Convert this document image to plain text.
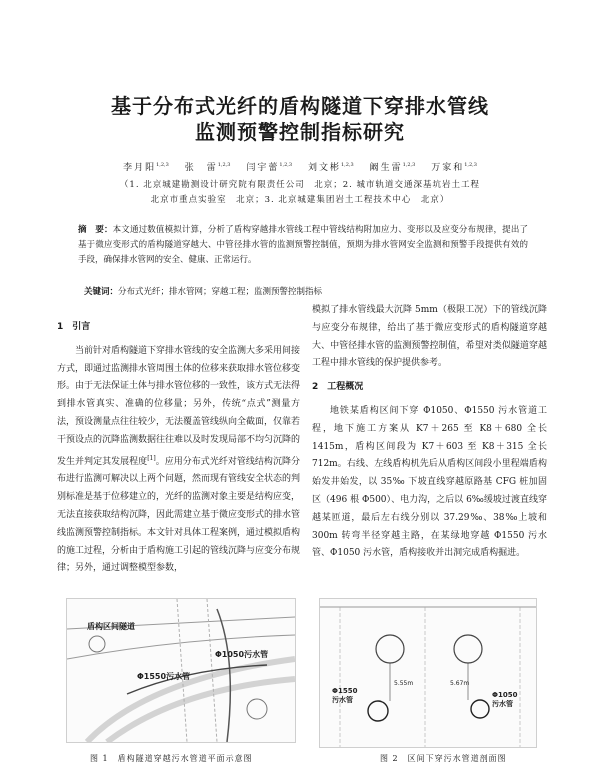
基于分布式光纤的盾构隧道下穿排水管线
监测预警控制指标研究
李月阳$^{1,2,3}$　 张　雷$^{1,2,3}$　 闫宇蕾$^{1,2,3}$　 刘文彬$^{1,2,3}$　 阚生雷$^{1,2,3}$　 万家和$^{1,2,3}$
（1. 北京城建勘测设计研究院有限责任公司　北京；2. 城市轨道交通深基坑岩土工程
北京市重点实验室　北京；3. 北京城建集团岩土工程技术中心　北京）
摘　要：本文通过数值模拟计算，分析了盾构穿越排水管线工程中管线结构附加应力、变形以及应变分布规律，提出了基于微应变形式的盾构隧道穿越大、中管径排水管的监测预警控制值，预期为排水管网安全监测和预警手段提供有效的手段，确保排水管网的安全、健康、正常运行。
关键词：分布式光纤；排水管网；穿越工程；监测预警控制指标
1　引言

当前针对盾构隧道下穿排水管线的安全监测大多采用间接方式，即通过监测排水管周围土体的位移来获取排水管位移变形。由于无法保证土体与排水管位移的一致性，该方式无法得到排水管真实、准确的位移量；另外，传统“点式”测量方法，预设测量点往往较少，无法覆盖管线纵向全截面，仅靠若干预设点的沉降监测数据往往难以及时发现局部不均匀沉降的发生并判定其发展程度[1]。应用分布式光纤对管线结构沉降分布进行监测可解决以上两个问题，然而现有管线安全状态的判别标准是基于位移建立的，光纤的监测对象主要是结构应变，无法直接获取结构沉降，因此需建立基于微应变形式的排水管线监测预警控制指标。本文针对具体工程案例，通过模拟盾构的施工过程，分析由于盾构施工引起的管线沉降与应变分布规律；另外，通过调整模型参数，

模拟了排水管线最大沉降 5mm（极限工况）下的管线沉降与应变分布规律，给出了基于微应变形式的盾构隧道穿越大、中管径排水管的监测预警控制值，希望对类似隧道穿越工程中排水管线的保护提供参考。

2　工程概况

地铁某盾构区间下穿 Φ1050、Φ1550 污水管道工程，地下施工方案从 K7＋265 至 K8＋680 全长 1415m，盾构区间段为 K7＋603 至 K8＋315 全长 712m。右线、左线盾构机先后从盾构区间段小里程端盾构始发井始发，以 35‰ 下坡直线穿越原路基 CFG 桩加固区（496 根 Φ500）、电力沟，之后以 6‰缓坡过渡直线穿越某匝道，最后左右线分别以 37.29‰、38‰上坡和 300m 转弯半径穿越主路，在某绿地穿越 Φ1550 污水管、Φ1050 污水管，盾构接收并出洞完成盾构掘进。

盾构区间隧道
Φ1050污水管
Φ1550污水管
Φ1550
污水管
Φ1050
污水管
5.55m	5.67m
图 1　盾构隧道穿越污水管道平面示意图	图 2　区间下穿污水管道剖面图
